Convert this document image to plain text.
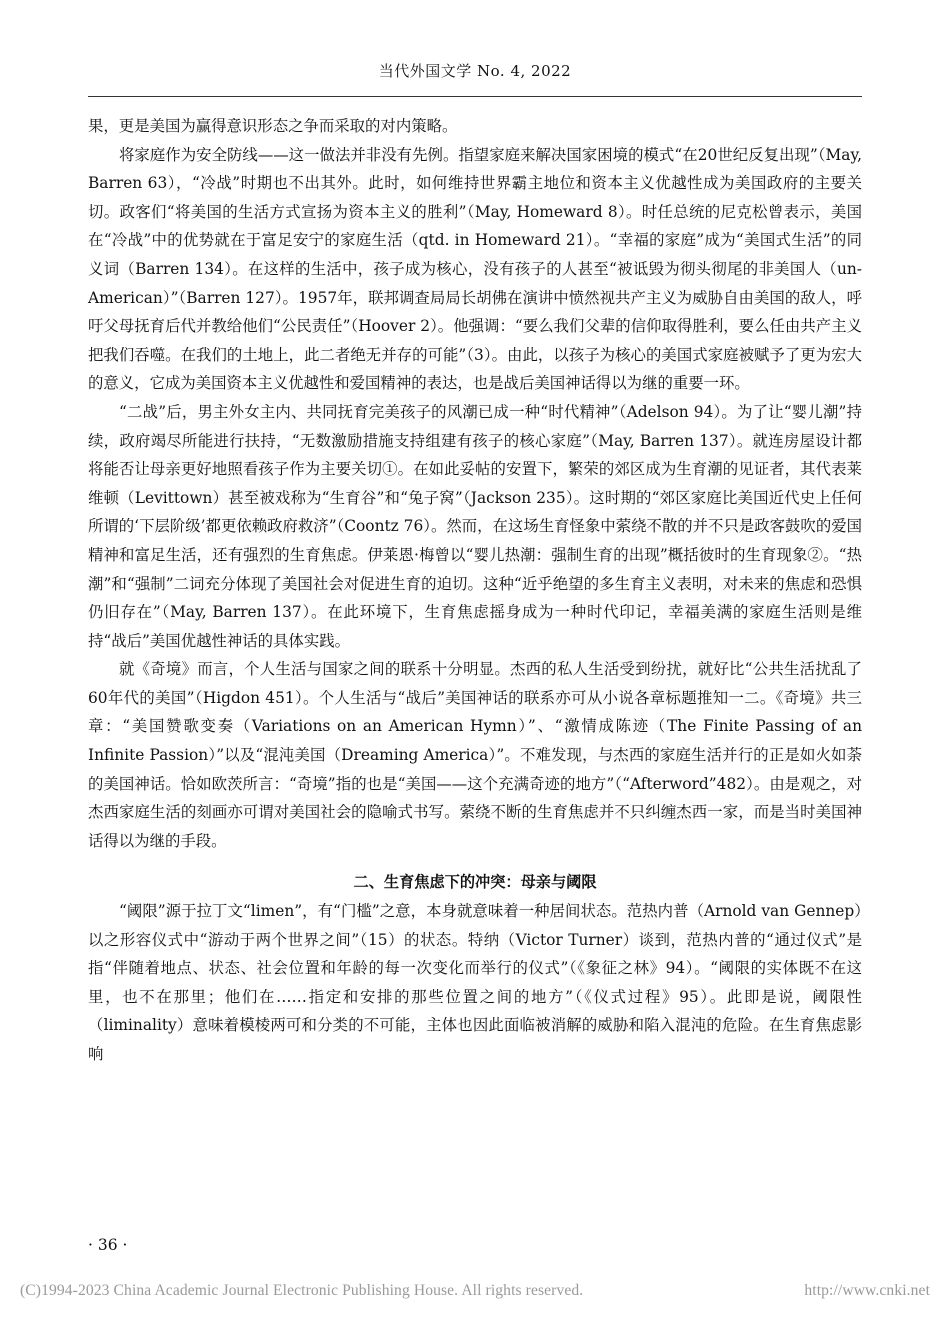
当代外国文学 No. 4, 2022

果，更是美国为赢得意识形态之争而采取的对内策略。

将家庭作为安全防线——这一做法并非没有先例。指望家庭来解决国家困境的模式“在20世纪反复出现”（May, Barren 63），“冷战”时期也不出其外。此时，如何维持世界霸主地位和资本主义优越性成为美国政府的主要关切。政客们“将美国的生活方式宣扬为资本主义的胜利”（May, Homeward 8）。时任总统的尼克松曾表示，美国在“冷战”中的优势就在于富足安宁的家庭生活（qtd. in Homeward 21）。“幸福的家庭”成为“美国式生活”的同义词（Barren 134）。在这样的生活中，孩子成为核心，没有孩子的人甚至“被诋毁为彻头彻尾的非美国人（un-American）”（Barren 127）。1957年，联邦调查局局长胡佛在演讲中愤然视共产主义为威胁自由美国的敌人，呼吁父母抚育后代并教给他们“公民责任”（Hoover 2）。他强调：“要么我们父辈的信仰取得胜利，要么任由共产主义把我们吞噬。在我们的土地上，此二者绝无并存的可能”（3）。由此，以孩子为核心的美国式家庭被赋予了更为宏大的意义，它成为美国资本主义优越性和爱国精神的表达，也是战后美国神话得以为继的重要一环。

“二战”后，男主外女主内、共同抚育完美孩子的风潮已成一种“时代精神”（Adelson 94）。为了让“婴儿潮”持续，政府竭尽所能进行扶持，“无数激励措施支持组建有孩子的核心家庭”（May, Barren 137）。就连房屋设计都将能否让母亲更好地照看孩子作为主要关切①。在如此妥帖的安置下，繁荣的郊区成为生育潮的见证者，其代表莱维顿（Levittown）甚至被戏称为“生育谷”和“兔子窝”（Jackson 235）。这时期的“郊区家庭比美国近代史上任何所谓的‘下层阶级’都更依赖政府救济”（Coontz 76）。然而，在这场生育怪象中萦绕不散的并不只是政客鼓吹的爱国精神和富足生活，还有强烈的生育焦虑。伊莱恩·梅曾以“婴儿热潮：强制生育的出现”概括彼时的生育现象②。“热潮”和“强制”二词充分体现了美国社会对促进生育的迫切。这种“近乎绝望的多生育主义表明，对未来的焦虑和恐惧仍旧存在”（May, Barren 137）。在此环境下，生育焦虑摇身成为一种时代印记，幸福美满的家庭生活则是维持“战后”美国优越性神话的具体实践。

就《奇境》而言，个人生活与国家之间的联系十分明显。杰西的私人生活受到纷扰，就好比“公共生活扰乱了60年代的美国”（Higdon 451）。个人生活与“战后”美国神话的联系亦可从小说各章标题推知一二。《奇境》共三章：“美国赞歌变奏（Variations on an American Hymn）”、“激情成陈迹（The Finite Passing of an Infinite Passion）”以及“混沌美国（Dreaming America）”。不难发现，与杰西的家庭生活并行的正是如火如荼的美国神话。恰如欧茨所言：“奇境”指的也是“美国——这个充满奇迹的地方”（“Afterword”482）。由是观之，对杰西家庭生活的刻画亦可谓对美国社会的隐喻式书写。萦绕不断的生育焦虑并不只纠缠杰西一家，而是当时美国神话得以为继的手段。

二、生育焦虑下的冲突：母亲与阈限

“阈限”源于拉丁文“limen”，有“门槛”之意，本身就意味着一种居间状态。范热内普（Arnold van Gennep）以之形容仪式中“游动于两个世界之间”（15）的状态。特纳（Victor Turner）谈到，范热内普的“通过仪式”是指“伴随着地点、状态、社会位置和年龄的每一次变化而举行的仪式”（《象征之林》94）。“阈限的实体既不在这里，也不在那里；他们在……指定和安排的那些位置之间的地方”（《仪式过程》95）。此即是说，阈限性（liminality）意味着模棱两可和分类的不可能，主体也因此面临被消解的威胁和陷入混沌的危险。在生育焦虑影响

· 36 ·
(C)1994-2023 China Academic Journal Electronic Publishing House. All rights reserved.	http://www.cnki.net
